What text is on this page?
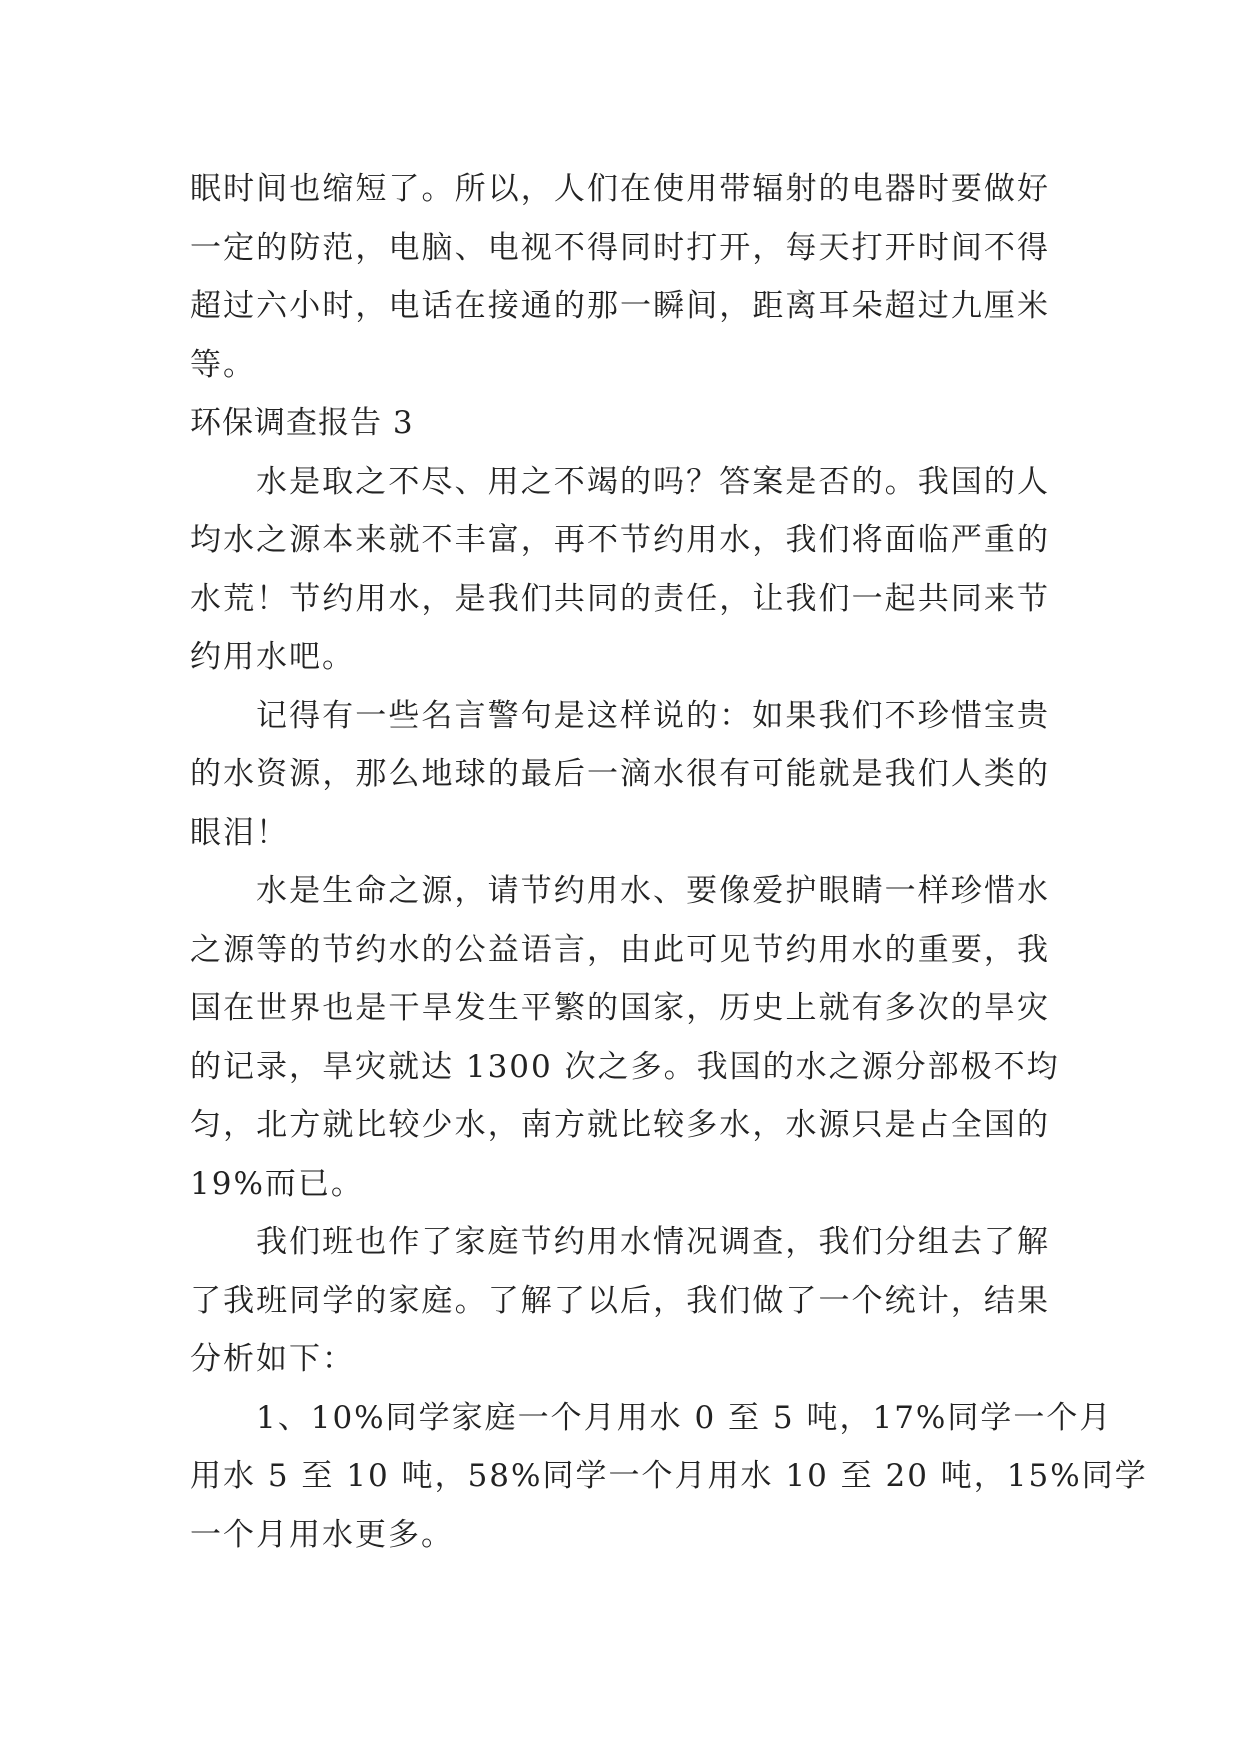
眠时间也缩短了。所以，人们在使用带辐射的电器时要做好
一定的防范，电脑、电视不得同时打开，每天打开时间不得
超过六小时，电话在接通的那一瞬间，距离耳朵超过九厘米
等。
环保调查报告 3
水是取之不尽、用之不竭的吗？答案是否的。我国的人
均水之源本来就不丰富，再不节约用水，我们将面临严重的
水荒！节约用水，是我们共同的责任，让我们一起共同来节
约用水吧。
记得有一些名言警句是这样说的：如果我们不珍惜宝贵
的水资源，那么地球的最后一滴水很有可能就是我们人类的
眼泪！
水是生命之源，请节约用水、要像爱护眼睛一样珍惜水
之源等的节约水的公益语言，由此可见节约用水的重要，我
国在世界也是干旱发生平繁的国家，历史上就有多次的旱灾
的记录，旱灾就达 1300 次之多。我国的水之源分部极不均
匀，北方就比较少水，南方就比较多水，水源只是占全国的
19%而已。
我们班也作了家庭节约用水情况调查，我们分组去了解
了我班同学的家庭。了解了以后，我们做了一个统计，结果
分析如下：
1、10%同学家庭一个月用水 0 至 5 吨，17%同学一个月
用水 5 至 10 吨，58%同学一个月用水 10 至 20 吨，15%同学
一个月用水更多。
